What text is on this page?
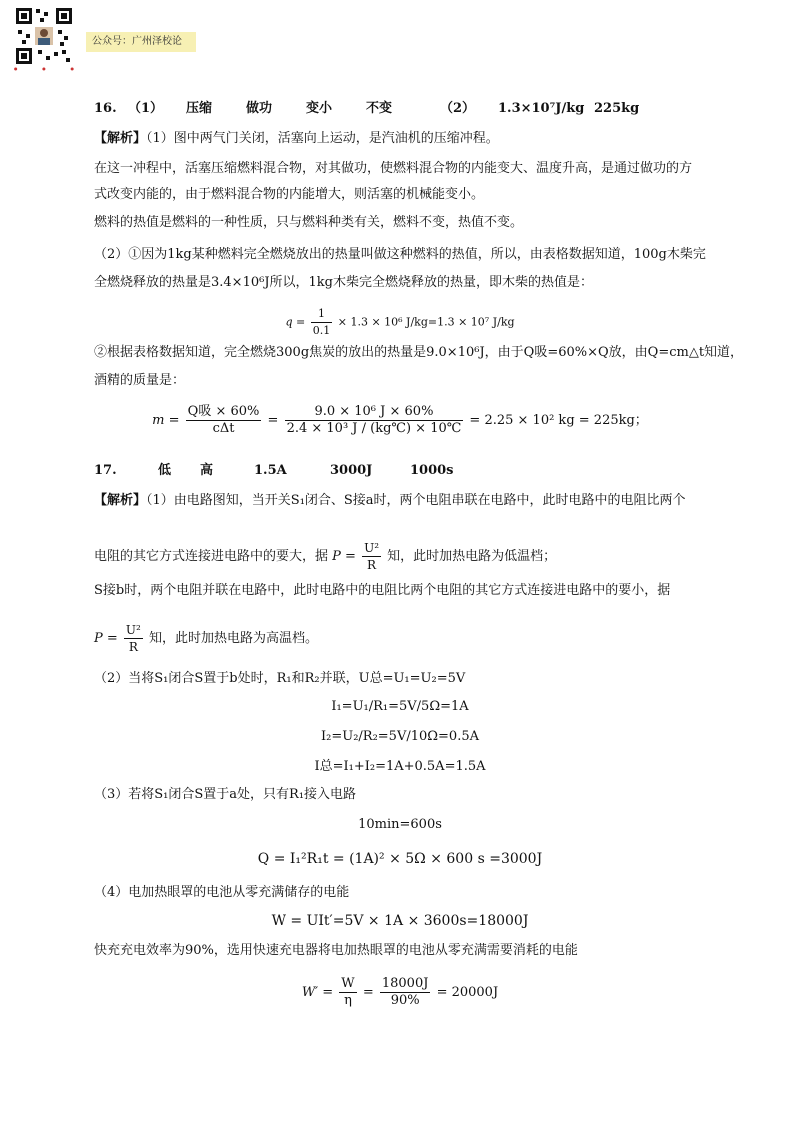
●	●	●
公众号：广州泽校论
16. （1） 压缩	做功	变小	不变	（2） 1.3×10⁷J/kg 225kg
【解析】（1）图中两气门关闭，活塞向上运动，是汽油机的压缩冲程。
在这一冲程中，活塞压缩燃料混合物，对其做功，使燃料混合物的内能变大、温度升高，是通过做功的方
式改变内能的，由于燃料混合物的内能增大，则活塞的机械能变小。
燃料的热值是燃料的一种性质，只与燃料种类有关，燃料不变，热值不变。
（2）①因为1kg某种燃料完全燃烧放出的热量叫做这种燃料的热值，所以，由表格数据知道，100g木柴完
全燃烧释放的热量是3.4×10⁶J所以，1kg木柴完全燃烧释放的热量，即木柴的热值是：
$q = \frac{1}{0.1} \times 1.3 \times 10^6$ J/kg=1.3 × 10⁷ J/kg
②根据表格数据知道，完全燃烧300g焦炭的放出的热量是9.0×10⁶J，由于Q吸=60%×Q放，由Q=cm△t知道，
酒精的质量是：
$m = \frac{\text{Q吸 × 60\%}}{\text{cΔt}} = \frac{\text{9.0 × 10⁶ J × 60\%}}{\text{2.4 × 10³ J / (kg℃) × 10℃}} = 2.25 \times 10^2$ kg = 225kg；
17.	低 高	1.5A	3000J	1000s
【解析】（1）由电路图知，当开关S₁闭合、S接a时，两个电阻串联在电路中，此时电路中的电阻比两个
电阻的其它方式连接进电路中的要大，据 $P = \frac{\text{U²}}{R}$ 知，此时加热电路为低温档；
S接b时，两个电阻并联在电路中，此时电路中的电阻比两个电阻的其它方式连接进电路中的要小，据
$P = \frac{\text{U²}}{R}$ 知，此时加热电路为高温档。
（2）当将S₁闭合S置于b处时，R₁和R₂并联，U总=U₁=U₂=5V
I₁=U₁/R₁=5V/5Ω=1A
I₂=U₂/R₂=5V/10Ω=0.5A
I总=I₁+I₂=1A+0.5A=1.5A
（3）若将S₁闭合S置于a处，只有R₁接入电路
10min=600s
Q = I₁²R₁t = (1A)² × 5Ω × 600 s =3000J
（4）电加热眼罩的电池从零充满储存的电能
W = UIt′=5V × 1A × 3600s=18000J
快充充电效率为90%，选用快速充电器将电加热眼罩的电池从零充满需要消耗的电能
$W' = \frac{W}{\eta} = \frac{18000J}{90\%} = 20000J$
